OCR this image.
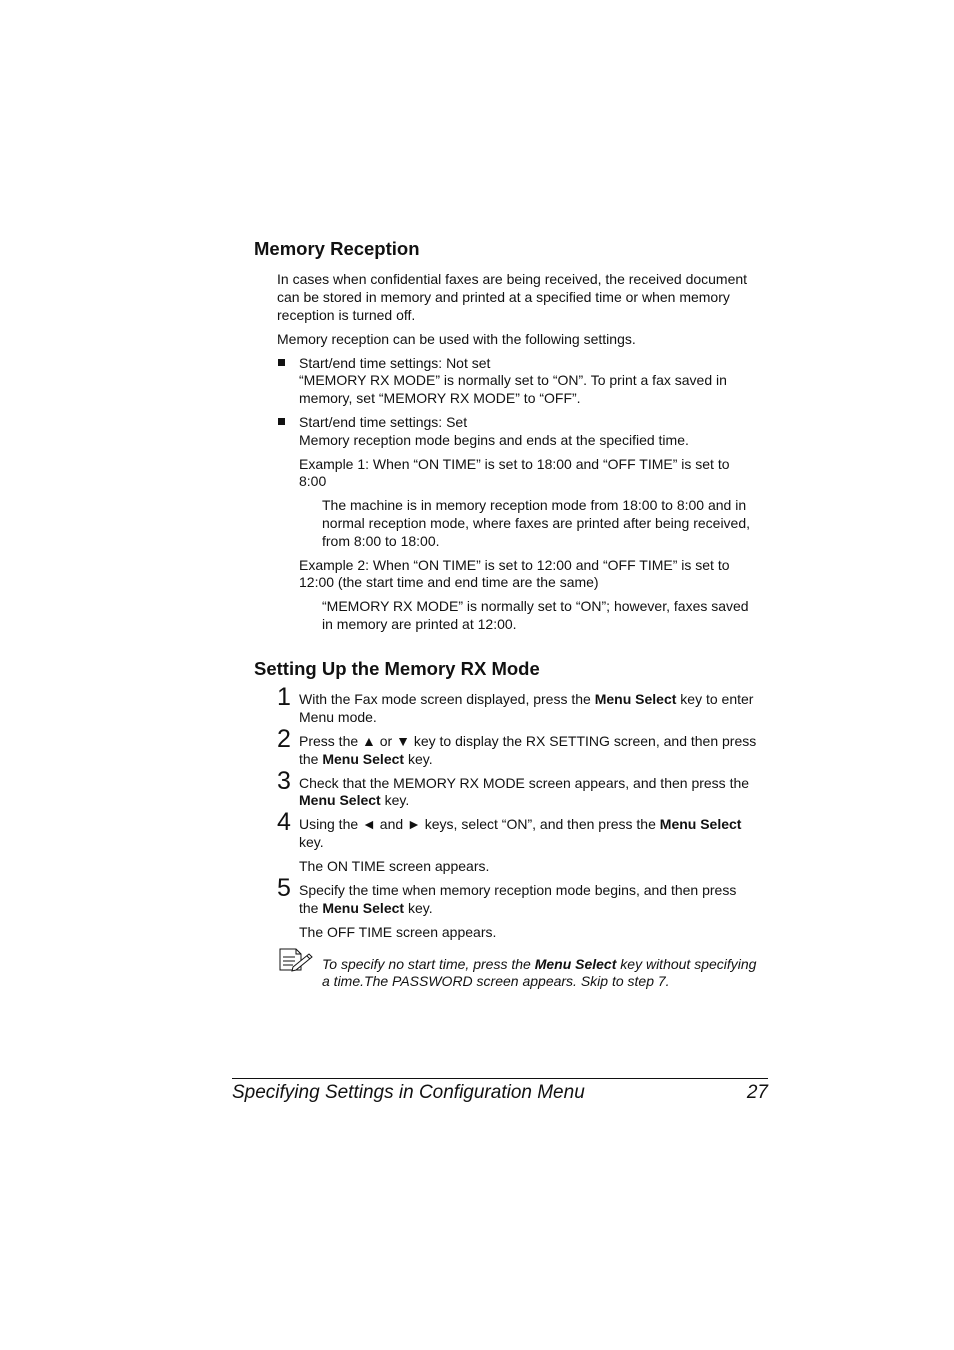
Memory Reception
In cases when confidential faxes are being received, the received document
can be stored in memory and printed at a specified time or when memory
reception is turned off.
Memory reception can be used with the following settings.
Start/end time settings: Not set
“MEMORY RX MODE” is normally set to “ON”. To print a fax saved in
memory, set “MEMORY RX MODE” to “OFF”.
Start/end time settings: Set
Memory reception mode begins and ends at the specified time.
Example 1: When “ON TIME” is set to 18:00 and “OFF TIME” is set to
8:00
The machine is in memory reception mode from 18:00 to 8:00 and in
normal reception mode, where faxes are printed after being received,
from 8:00 to 18:00.
Example 2: When “ON TIME” is set to 12:00 and “OFF TIME” is set to
12:00 (the start time and end time are the same)
“MEMORY RX MODE” is normally set to “ON”; however, faxes saved
in memory are printed at 12:00.
Setting Up the Memory RX Mode
1 With the Fax mode screen displayed, press the Menu Select key to enter
Menu mode.
2 Press the ▲ or ▼ key to display the RX SETTING screen, and then press
the Menu Select key.
3 Check that the MEMORY RX MODE screen appears, and then press the
Menu Select key.
4 Using the ◄ and ► keys, select “ON”, and then press the Menu Select
key.
The ON TIME screen appears.
5 Specify the time when memory reception mode begins, and then press
the Menu Select key.
The OFF TIME screen appears.
To specify no start time, press the Menu Select key without specifying
a time.The PASSWORD screen appears. Skip to step 7.
Specifying Settings in Configuration Menu	27
